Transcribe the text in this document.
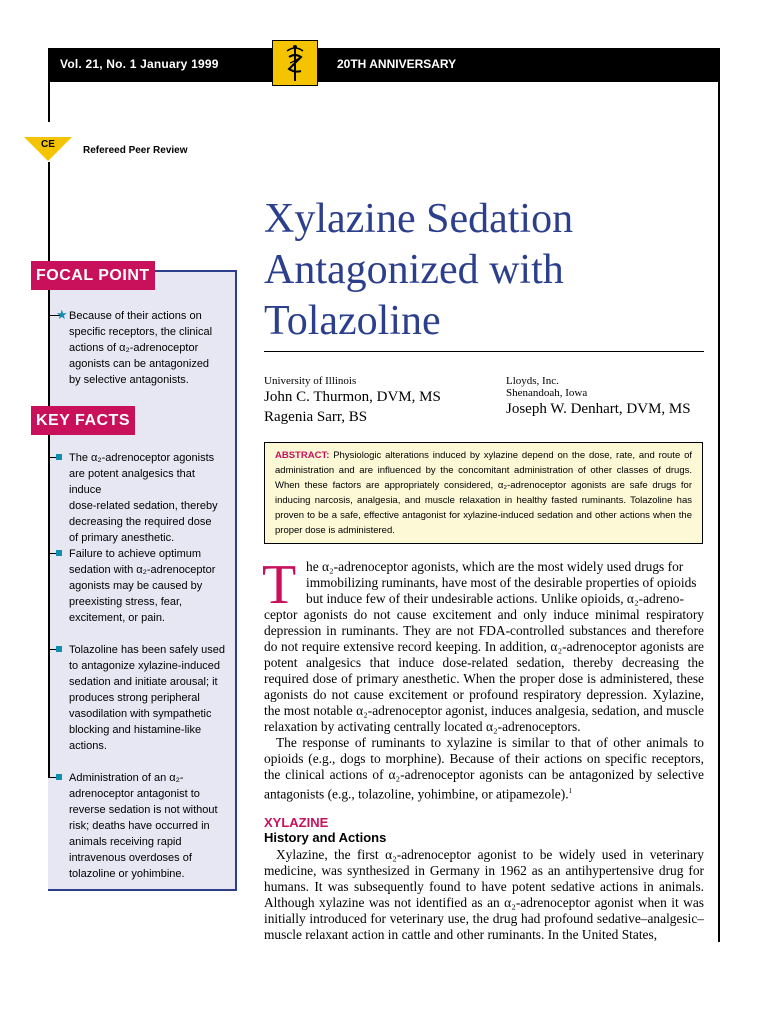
Vol. 21, No. 1 January 1999	20TH ANNIVERSARY
CE
Refereed Peer Review
Xylazine Sedation
Antagonized with
Tolazoline
University of Illinois
John C. Thurmon, DVM, MS
Ragenia Sarr, BS
Lloyds, Inc.
Shenandoah, Iowa
Joseph W. Denhart, DVM, MS
ABSTRACT: Physiologic alterations induced by xylazine depend on the dose, rate, and route of administration and are influenced by the concomitant administration of other classes of drugs. When these factors are appropriately considered, α₂-adrenoceptor agonists are safe drugs for inducing narcosis, analgesia, and muscle relaxation in healthy fasted ruminants. Tolazoline has proven to be a safe, effective antagonist for xylazine-induced sedation and other actions when the proper dose is administered.
FOCAL POINT
★ Because of their actions on
specific receptors, the clinical
actions of α₂-adrenoceptor
agonists can be antagonized
by selective antagonists.
KEY FACTS
The α₂-adrenoceptor agonists
are potent analgesics that induce
dose-related sedation, thereby
decreasing the required dose
of primary anesthetic.
Failure to achieve optimum
sedation with α₂-adrenoceptor
agonists may be caused by
preexisting stress, fear,
excitement, or pain.
Tolazoline has been safely used
to antagonize xylazine-induced
sedation and initiate arousal; it
produces strong peripheral
vasodilation with sympathetic
blocking and histamine-like
actions.
Administration of an α₂-
adrenoceptor antagonist to
reverse sedation is not without
risk; deaths have occurred in
animals receiving rapid
intravenous overdoses of
tolazoline or yohimbine.
T he α₂-adrenoceptor agonists, which are the most widely used drugs for
immobilizing ruminants, have most of the desirable properties of opioids
but induce few of their undesirable actions. Unlike opioids, α₂-adreno-
ceptor agonists do not cause excitement and only induce minimal respiratory depression in ruminants. They are not FDA-controlled substances and therefore do not require extensive record keeping. In addition, α₂-adrenoceptor agonists are potent analgesics that induce dose-related sedation, thereby decreasing the required dose of primary anesthetic. When the proper dose is administered, these agonists do not cause excitement or profound respiratory depression. Xylazine, the most notable α₂-adrenoceptor agonist, induces analgesia, sedation, and muscle relaxation by activating centrally located α₂-adrenoceptors.
The response of ruminants to xylazine is similar to that of other animals to opioids (e.g., dogs to morphine). Because of their actions on specific receptors, the clinical actions of α₂-adrenoceptor agonists can be antagonized by selective antagonists (e.g., tolazoline, yohimbine, or atipamezole).$^1$
XYLAZINE
History and Actions
Xylazine, the first α₂-adrenoceptor agonist to be widely used in veterinary medicine, was synthesized in Germany in 1962 as an antihypertensive drug for humans. It was subsequently found to have potent sedative actions in animals. Although xylazine was not identified as an α₂-adrenoceptor agonist when it was initially introduced for veterinary use, the drug had profound sedative–analgesic–muscle relaxant action in cattle and other ruminants. In the United States,
